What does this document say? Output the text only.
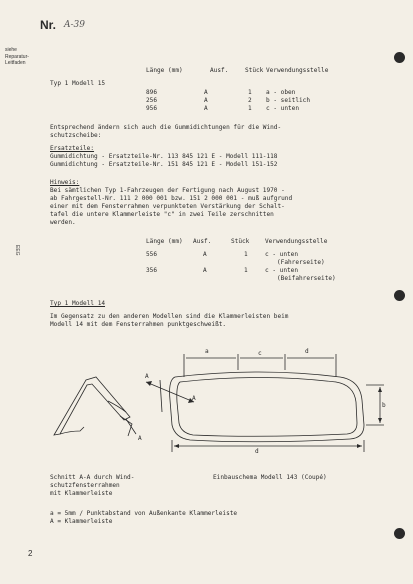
Nr. A-39
siehe
Reparatur-
Leitfaden
EEG
Länge (mm)	Ausf.	Stück Verwendungsstelle
Typ 1 Modell 15
896	A	1 a - oben
256	A	2 b - seitlich
956	A	1 c - unten
Entsprechend ändern sich auch die Gummidichtungen für die Wind-
schutzscheibe:
Ersatzteile:
Gummidichtung - Ersatzteile-Nr. 113 845 121 E - Modell 111-118
Gummidichtung - Ersatzteile-Nr. 151 845 121 E - Modell 151-152
Hinweis:
Bei sämtlichen Typ 1-Fahrzeugen der Fertigung nach August 1970 -
ab Fahrgestell-Nr. 111 2 000 001 bzw. 151 2 000 001 - muß aufgrund
einer mit dem Fensterrahmen verpunkteten Verstärkung der Schalt-
tafel die untere Klammerleiste "c" in zwei Teile zerschnitten
werden.
Länge (mm) Ausf.	Stück	Verwendungsstelle
556	A	1	c - unten
(Fahrerseite)
356	A	1	c - unten
(Beifahrerseite)
Typ 1 Modell 14
Im Gegensatz zu den anderen Modellen sind die Klammerleisten beim
Modell 14 mit dem Fensterrahmen punktgeschweißt.
a	c	d
b
d
A
A
A
Schnitt A-A durch Wind-
schutzfensterrahmen
mit Klammerleiste
Einbauschema Modell 143 (Coupé)
a = 5mm / Punktabstand von Außenkante Klammerleiste
A = Klammerleiste
2
